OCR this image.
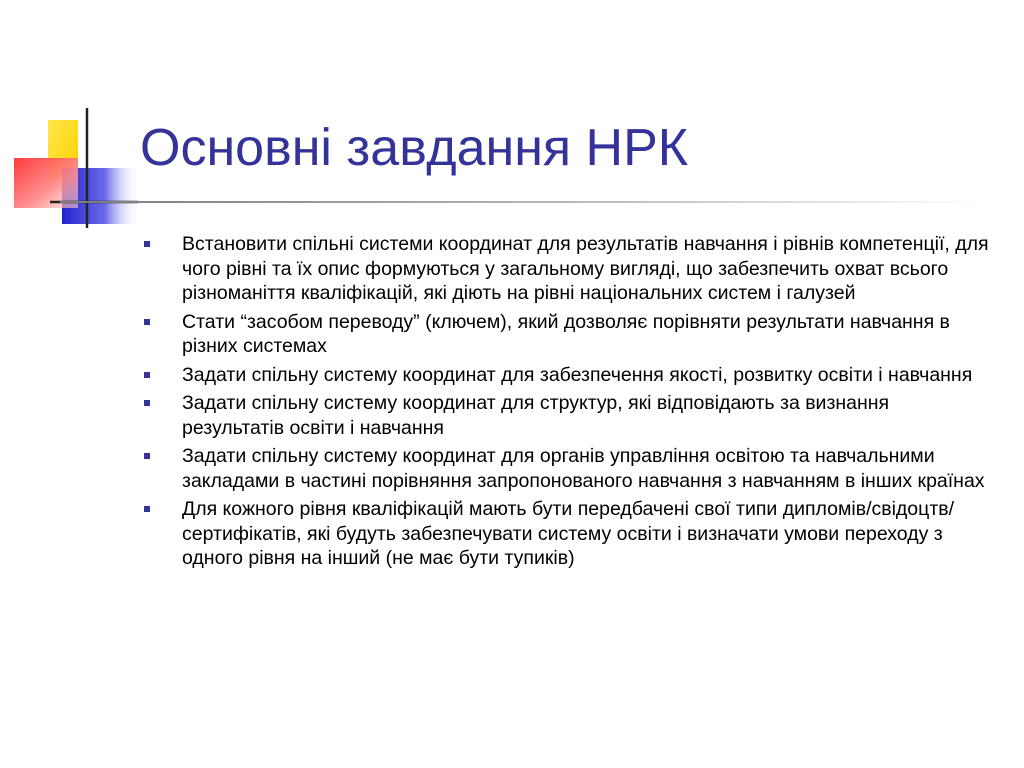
Основні завдання НРК
Встановити спільні системи координат для результатів навчання і рівнів компетенції, для чого рівні та їх опис формуються у загальному вигляді, що забезпечить охват всього різноманіття кваліфікацій, які діють на рівні національних систем і галузей
Стати “засобом переводу” (ключем), який дозволяє порівняти результати навчання в різних системах
Задати спільну систему координат для забезпечення якості, розвитку освіти і навчання
Задати спільну систему координат для структур, які відповідають за визнання результатів освіти і навчання
Задати спільну систему координат для органів управління освітою та навчальними закладами в частині порівняння запропонованого навчання з навчанням в інших країнах
Для кожного рівня кваліфікацій мають бути передбачені свої типи дипломів/свідоцтв/сертифікатів, які будуть забезпечувати систему освіти і визначати умови переходу з одного рівня на інший (не має бути тупиків)
